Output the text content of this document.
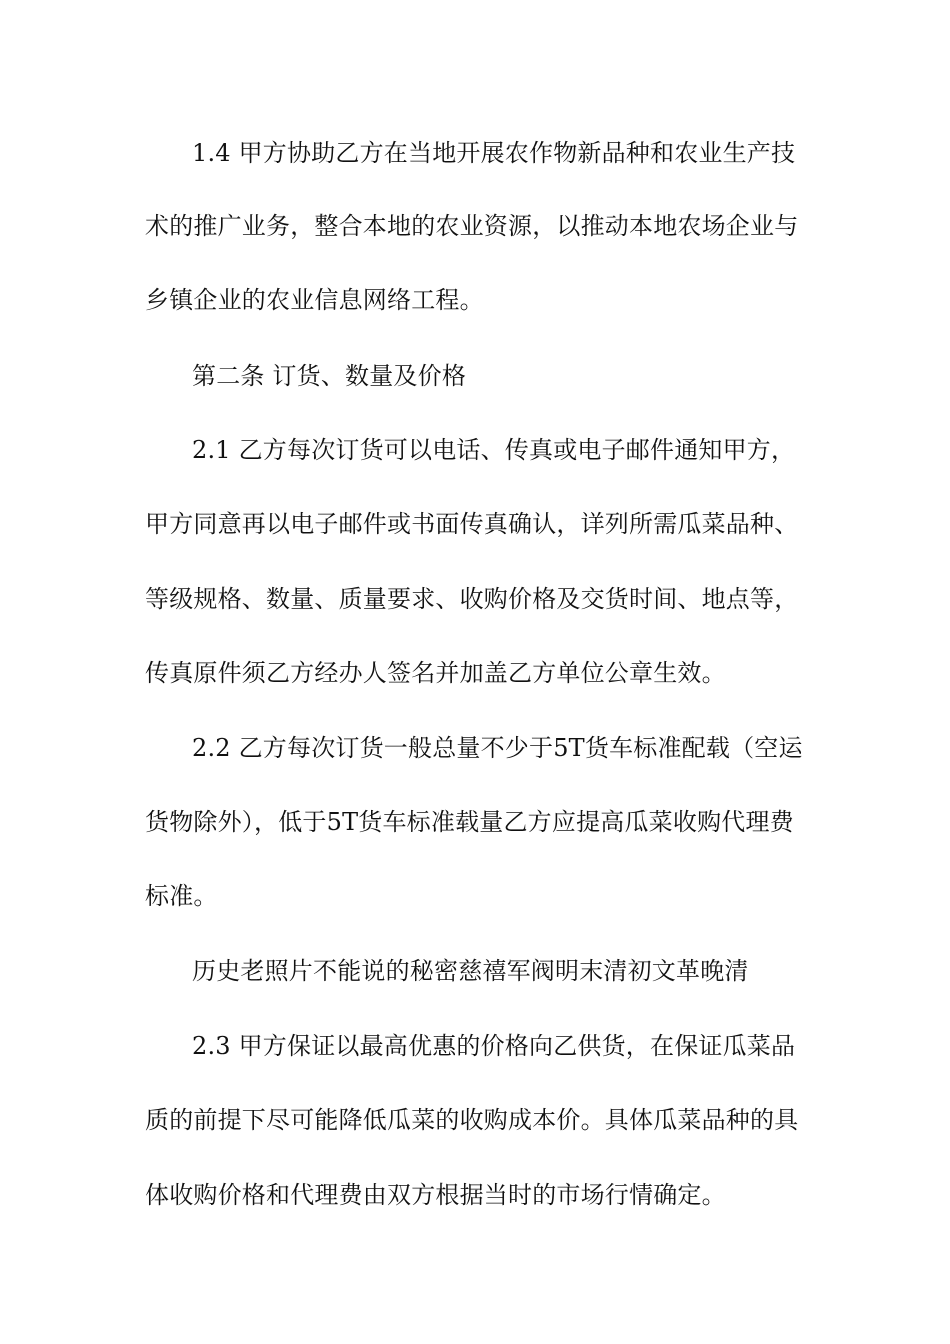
1.4 甲方协助乙方在当地开展农作物新品种和农业生产技

术的推广业务，整合本地的农业资源，以推动本地农场企业与

乡镇企业的农业信息网络工程。

第二条 订货、数量及价格

2.1 乙方每次订货可以电话、传真或电子邮件通知甲方，

甲方同意再以电子邮件或书面传真确认，详列所需瓜菜品种、

等级规格、数量、质量要求、收购价格及交货时间、地点等，

传真原件须乙方经办人签名并加盖乙方单位公章生效。

2.2 乙方每次订货一般总量不少于5T货车标准配载（空运

货物除外），低于5T货车标准载量乙方应提高瓜菜收购代理费

标准。

历史老照片不能说的秘密慈禧军阀明末清初文革晚清

2.3 甲方保证以最高优惠的价格向乙供货，在保证瓜菜品

质的前提下尽可能降低瓜菜的收购成本价。具体瓜菜品种的具

体收购价格和代理费由双方根据当时的市场行情确定。
